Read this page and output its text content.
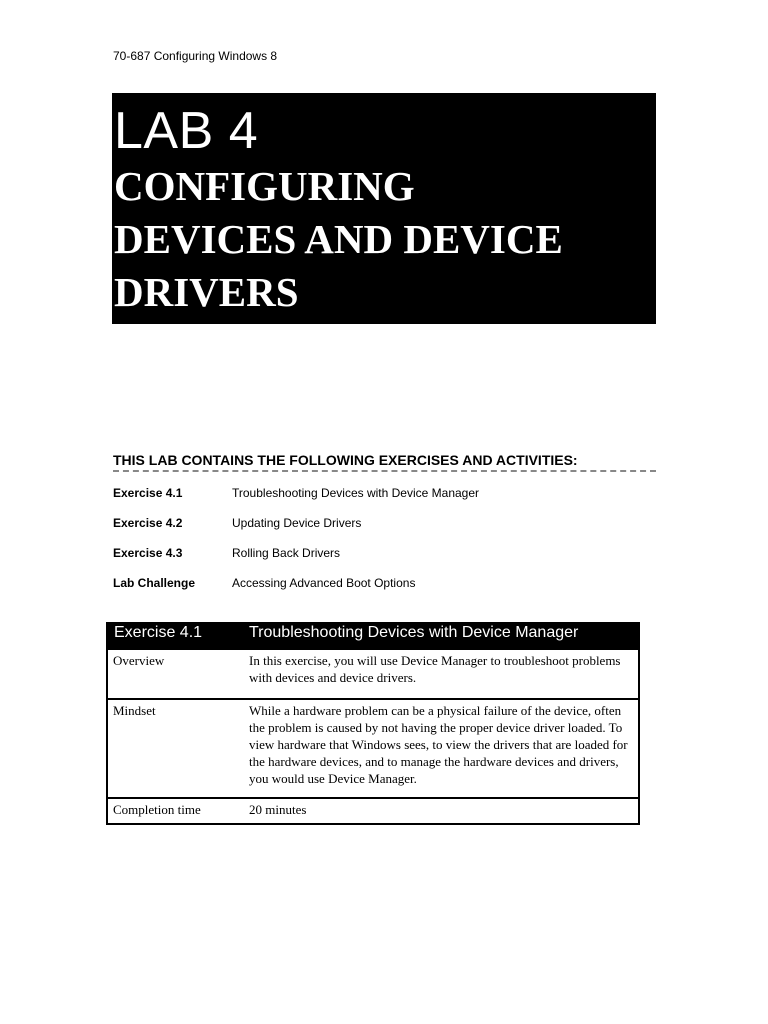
70-687 Configuring Windows 8
LAB 4
CONFIGURING
DEVICES AND DEVICE
DRIVERS
THIS LAB CONTAINS THE FOLLOWING EXERCISES AND ACTIVITIES:
Exercise 4.1	Troubleshooting Devices with Device Manager
Exercise 4.2	Updating Device Drivers
Exercise 4.3	Rolling Back Drivers
Lab Challenge	Accessing Advanced Boot Options
Exercise 4.1	Troubleshooting Devices with Device Manager
Overview	In this exercise, you will use Device Manager to troubleshoot problems with devices and device drivers.
Mindset	While a hardware problem can be a physical failure of the device, often the problem is caused by not having the proper device driver loaded. To view hardware that Windows sees, to view the drivers that are loaded for the hardware devices, and to manage the hardware devices and drivers, you would use Device Manager.
Completion time	20 minutes
